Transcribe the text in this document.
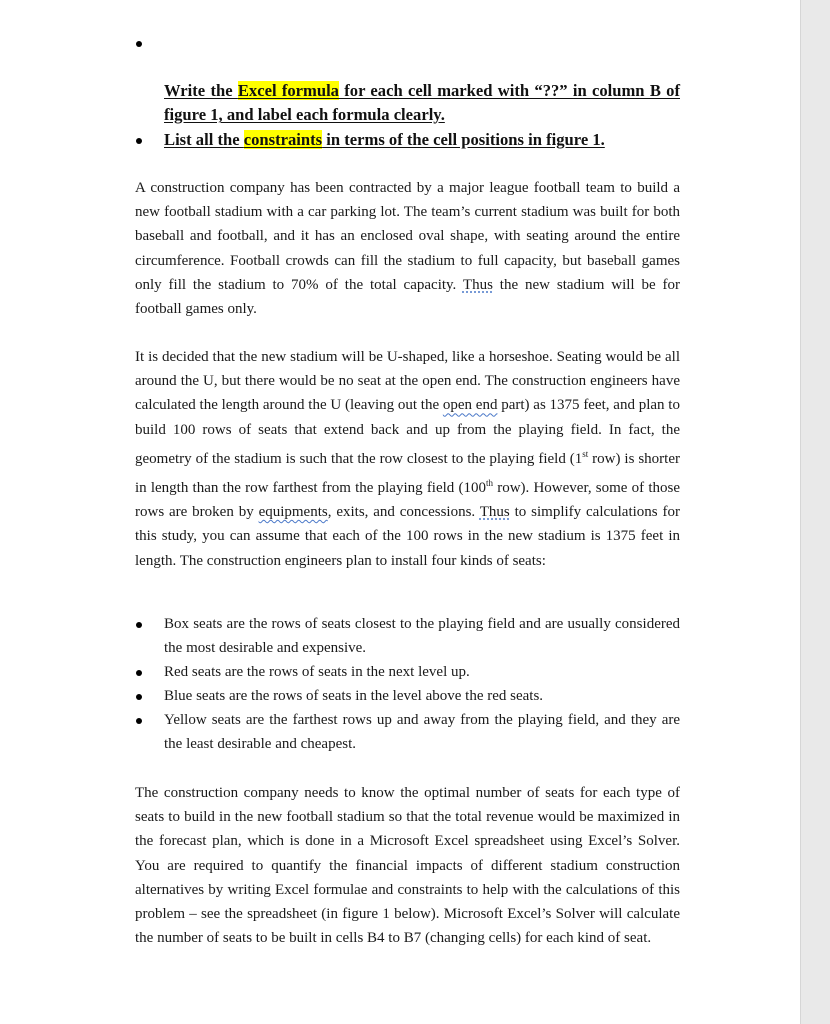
Write the Excel formula for each cell marked with “??” in column B of figure 1, and label each formula clearly.
List all the constraints in terms of the cell positions in figure 1.

A construction company has been contracted by a major league football team to build a new football stadium with a car parking lot. The team’s current stadium was built for both baseball and football, and it has an enclosed oval shape, with seating around the entire circumference. Football crowds can fill the stadium to full capacity, but baseball games only fill the stadium to 70% of the total capacity. Thus the new stadium will be for football games only.

It is decided that the new stadium will be U-shaped, like a horseshoe. Seating would be all around the U, but there would be no seat at the open end. The construction engineers have calculated the length around the U (leaving out the open end part) as 1375 feet, and plan to build 100 rows of seats that extend back and up from the playing field. In fact, the geometry of the stadium is such that the row closest to the playing field (1st row) is shorter in length than the row farthest from the playing field (100th row). However, some of those rows are broken by equipments, exits, and concessions. Thus to simplify calculations for this study, you can assume that each of the 100 rows in the new stadium is 1375 feet in length. The construction engineers plan to install four kinds of seats:

Box seats are the rows of seats closest to the playing field and are usually considered the most desirable and expensive.

Red seats are the rows of seats in the next level up.

Blue seats are the rows of seats in the level above the red seats.

Yellow seats are the farthest rows up and away from the playing field, and they are the least desirable and cheapest.

The construction company needs to know the optimal number of seats for each type of seats to build in the new football stadium so that the total revenue would be maximized in the forecast plan, which is done in a Microsoft Excel spreadsheet using Excel’s Solver. You are required to quantify the financial impacts of different stadium construction alternatives by writing Excel formulae and constraints to help with the calculations of this problem – see the spreadsheet (in figure 1 below). Microsoft Excel’s Solver will calculate the number of seats to be built in cells B4 to B7 (changing cells) for each kind of seat.
